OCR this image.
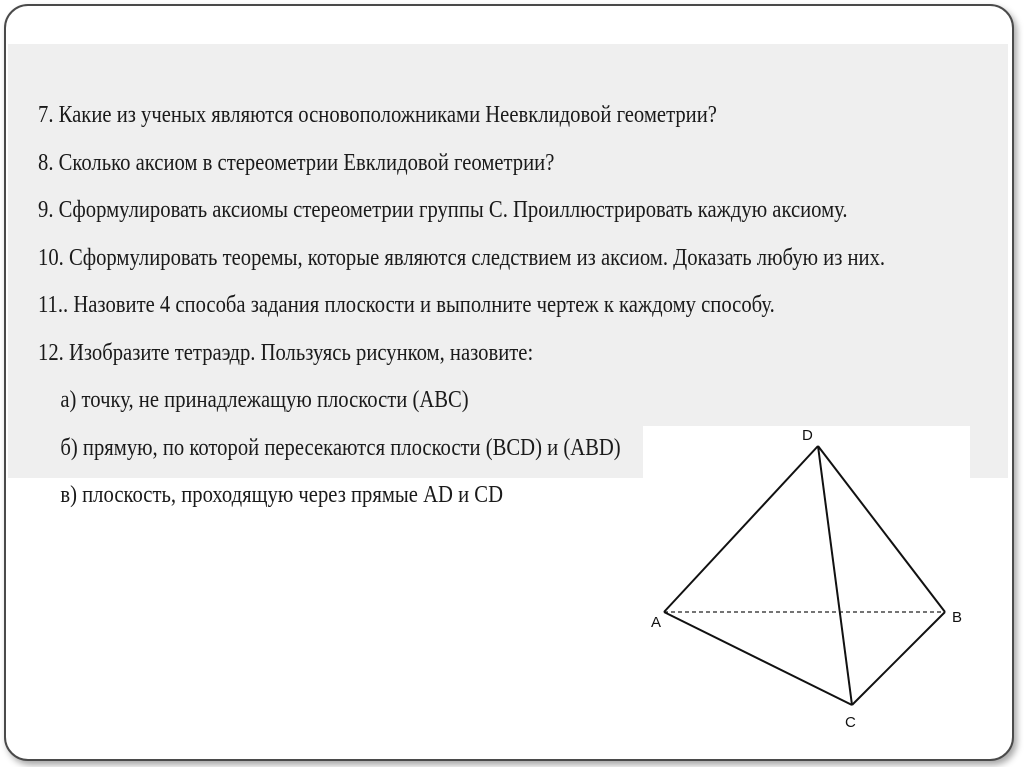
7. Какие из ученых являются основоположниками Неевклидовой геометрии?
8. Сколько аксиом в стереометрии Евклидовой геометрии?
9. Сформулировать аксиомы стереометрии группы С. Проиллюстрировать каждую аксиому.
10. Сформулировать теоремы, которые являются следствием из аксиом. Доказать любую из них.
11.. Назовите 4 способа задания плоскости и выполните чертеж к каждому способу.
12. Изобразите тетраэдр. Пользуясь рисунком, назовите:
а) точку, не принадлежащую плоскости (ABC)
б) прямую, по которой пересекаются плоскости (BCD) и (ABD)
в) плоскость, проходящую через прямые AD и CD
D
A	B
C
